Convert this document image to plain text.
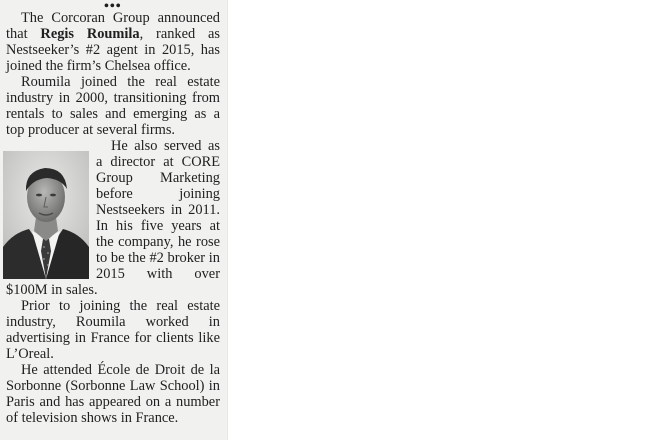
•••

The Corcoran Group announced that Regis Roumila, ranked as Nestseeker’s #2 agent in 2015, has joined the firm’s Chelsea office.

Roumila joined the real estate industry in 2000, transitioning from rentals to sales and emerging as a top producer at several firms.

He also served as a director at CORE Group Marketing before joining Nestseekers in 2011. In his five years at the company, he rose to be the #2 broker in 2015 with over $100M in sales.

Prior to joining the real estate industry, Roumila worked in advertising in France for clients like L’Oreal.

He attended École de Droit de la Sorbonne (Sorbonne Law School) in Paris and has appeared on a number of television shows in France.
